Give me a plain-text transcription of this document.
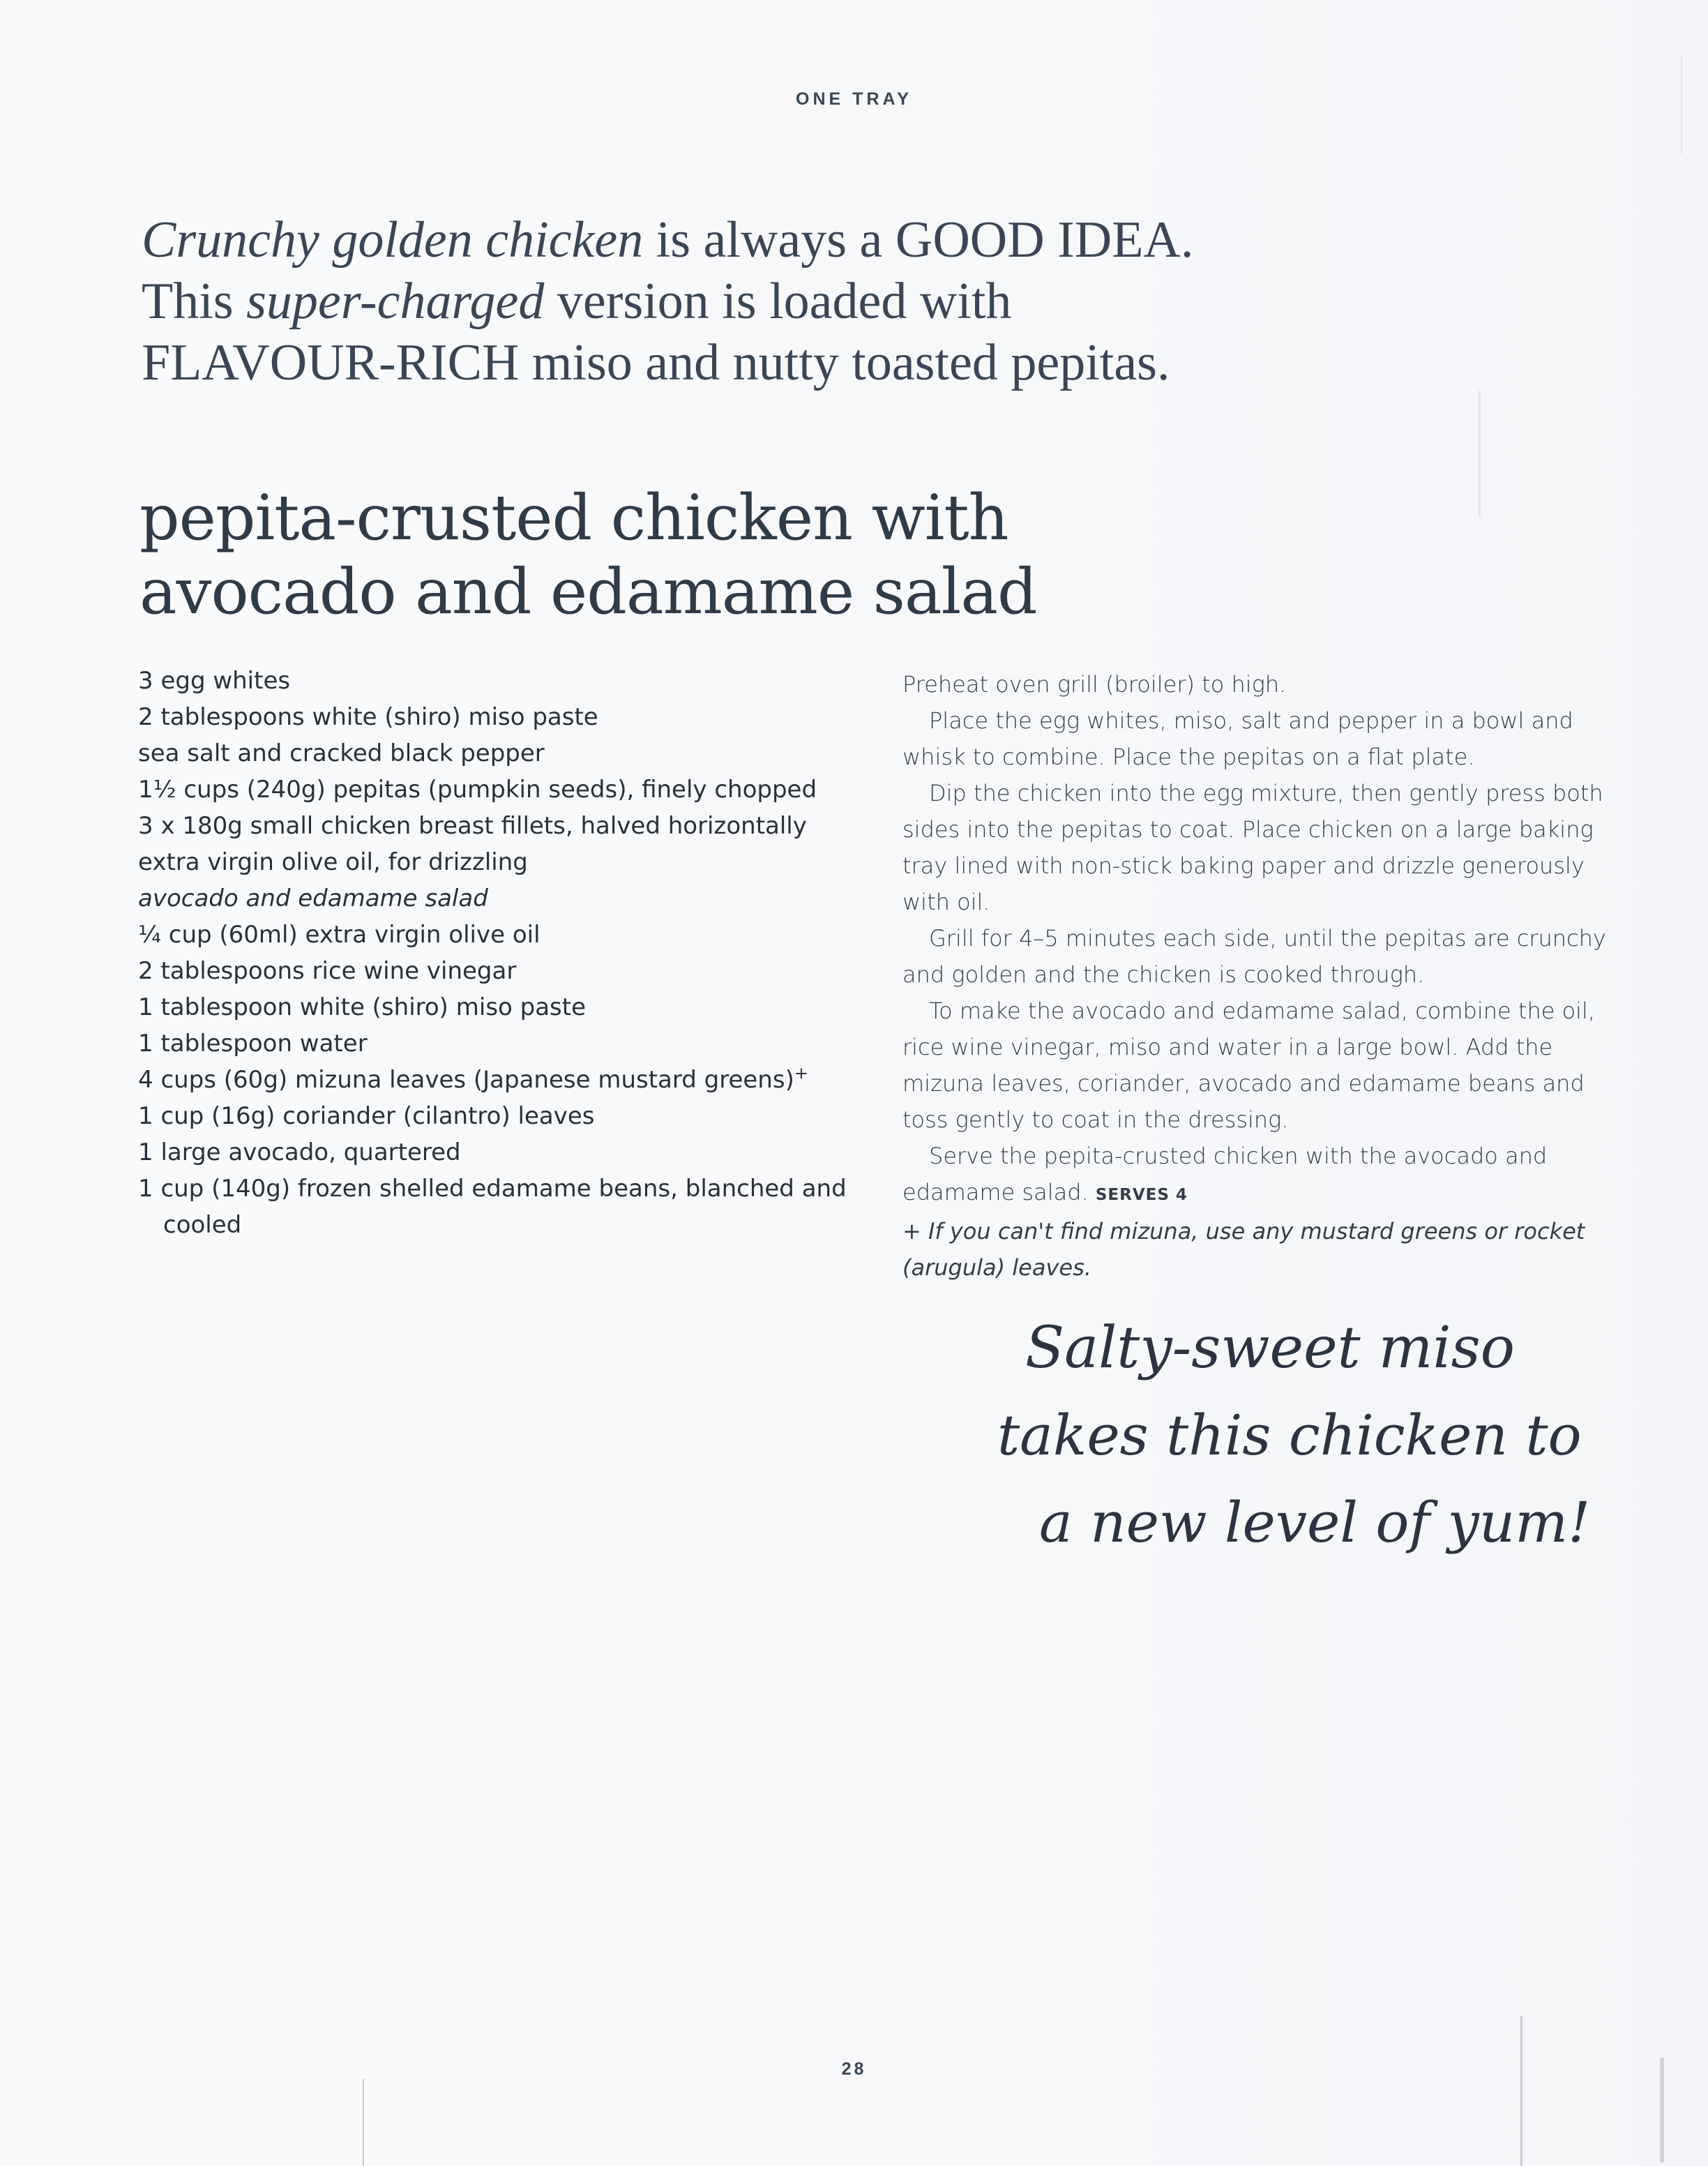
ONE TRAY

Crunchy golden chicken is always a GOOD IDEA. This super-charged version is loaded with FLAVOUR-RICH miso and nutty toasted pepitas.

pepita-crusted chicken with avocado and edamame salad
3 egg whites
2 tablespoons white (shiro) miso paste
sea salt and cracked black pepper
1½ cups (240g) pepitas (pumpkin seeds), finely chopped
3 x 180g small chicken breast fillets, halved horizontally
extra virgin olive oil, for drizzling
avocado and edamame salad
¼ cup (60ml) extra virgin olive oil
2 tablespoons rice wine vinegar
1 tablespoon white (shiro) miso paste
1 tablespoon water
4 cups (60g) mizuna leaves (Japanese mustard greens)+
1 cup (16g) coriander (cilantro) leaves
1 large avocado, quartered
1 cup (140g) frozen shelled edamame beans, blanched and cooled

Preheat oven grill (broiler) to high.

Place the egg whites, miso, salt and pepper in a bowl and whisk to combine. Place the pepitas on a flat plate.

Dip the chicken into the egg mixture, then gently press both sides into the pepitas to coat. Place chicken on a large baking tray lined with non-stick baking paper and drizzle generously with oil.

Grill for 4–5 minutes each side, until the pepitas are crunchy and golden and the chicken is cooked through.

To make the avocado and edamame salad, combine the oil, rice wine vinegar, miso and water in a large bowl. Add the mizuna leaves, coriander, avocado and edamame beans and toss gently to coat in the dressing.

Serve the pepita-crusted chicken with the avocado and edamame salad. SERVES 4

+ If you can't find mizuna, use any mustard greens or rocket (arugula) leaves.

Salty-sweet miso
takes this chicken to
a new level of yum!
28
